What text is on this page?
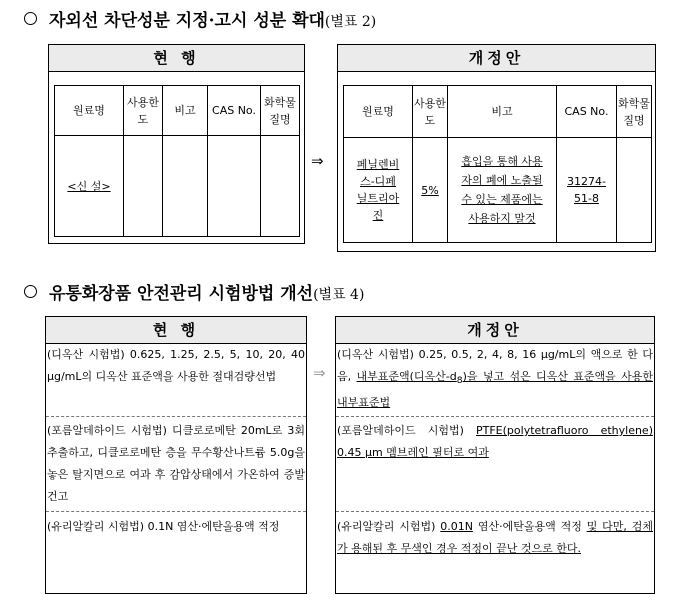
자외선 차단성분 지정·고시 성분 확대(별표 2)
현 행
원료명	사용한도	비고	CAS No.	화학물질명
<신 설>				
⇒
개정안
원료명	사용한도	비고	CAS No.	화학물질명
페닐렌비스-디페닐트리아진	5%	흡입을 통해 사용자의 폐에 노출될 수 있는 제품에는 사용하지 말것	31274-51-8	
유통화장품 안전관리 시험방법 개선(별표 4)
현 행
(디옥산 시험법) 0.625, 1.25, 2.5, 5, 10, 20, 40 μg/mL의 디옥산 표준액을 사용한 절대검량선법
(포름알데하이드 시험법) 디클로로메탄 20mL로 3회 추출하고, 디클로로메탄 층을 무수황산나트륨 5.0g을 놓은 탈지면으로 여과 후 감압상태에서 가온하여 증발 건고
(유리알칼리 시험법) 0.1N 염산·에탄올용액 적정
⇒
개정안
(디옥산 시험법) 0.25, 0.5, 2, 4, 8, 16 μg/mL의 액으로 한 다음, 내부표준액(디옥산$-d_8$)을 넣고 섞은 디옥산 표준액을 사용한 내부표준법
(포름알데하이드 시험법) PTFE(polytetrafluoro ethylene) 0.45 μm 멤브레인 필터로 여과
(유리알칼리 시험법) 0.01N 염산·에탄올용액 적정 및 다만, 검체가 용해된 후 무색인 경우 적정이 끝난 것으로 한다.
